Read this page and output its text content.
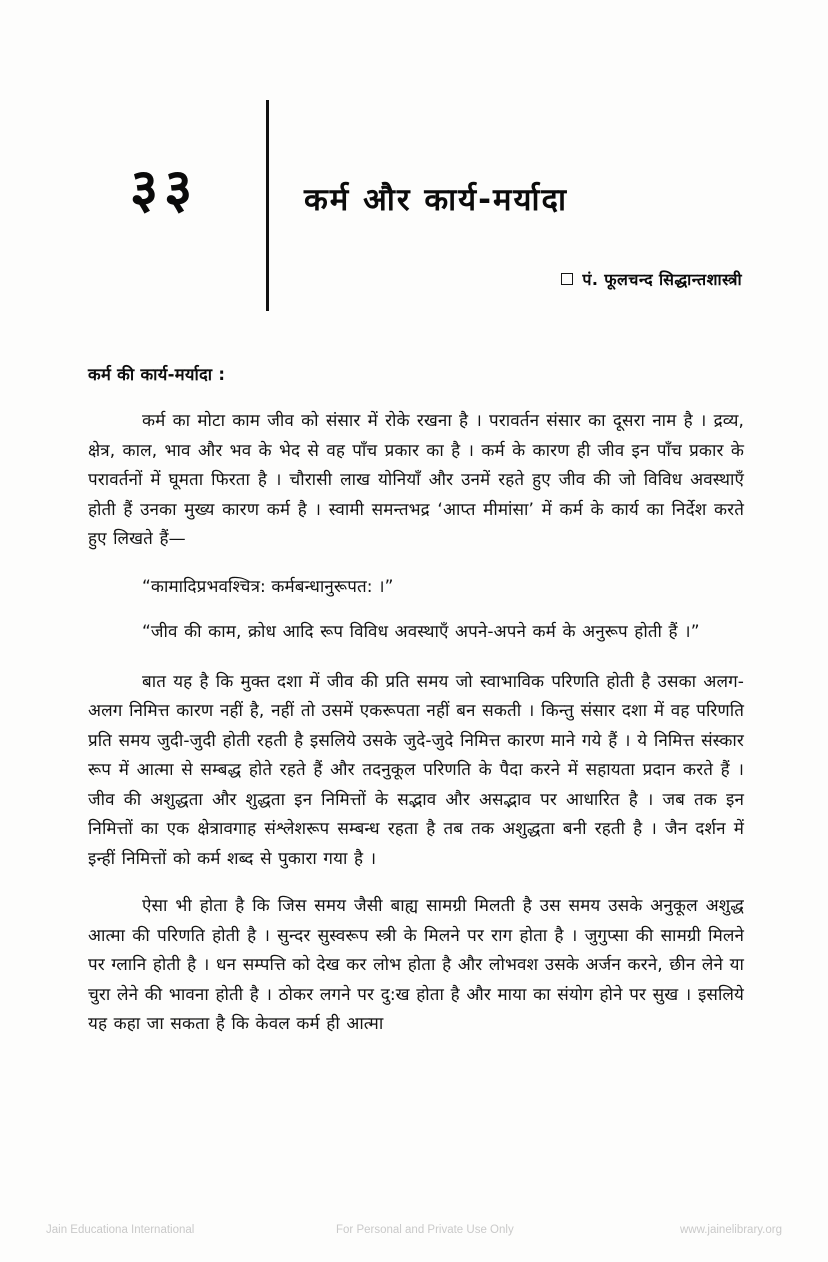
३३	कर्म और कार्य-मर्यादा
पं. फूलचन्द सिद्धान्तशास्त्री
कर्म की कार्य-मर्यादा :

कर्म का मोटा काम जीव को संसार में रोके रखना है । परावर्तन संसार का दूसरा नाम है । द्रव्य, क्षेत्र, काल, भाव और भव के भेद से वह पाँच प्रकार का है । कर्म के कारण ही जीव इन पाँच प्रकार के परावर्तनों में घूमता फिरता है । चौरासी लाख योनियाँ और उनमें रहते हुए जीव की जो विविध अवस्थाएँ होती हैं उनका मुख्य कारण कर्म है । स्वामी समन्तभद्र ‘आप्त मीमांसा’ में कर्म के कार्य का निर्देश करते हुए लिखते हैं—

“कामादिप्रभवश्चित्र: कर्मबन्धानुरूपत: ।”

“जीव की काम, क्रोध आदि रूप विविध अवस्थाएँ अपने-अपने कर्म के अनुरूप होती हैं ।”

बात यह है कि मुक्त दशा में जीव की प्रति समय जो स्वाभाविक परिणति होती है उसका अलग-अलग निमित्त कारण नहीं है, नहीं तो उसमें एकरूपता नहीं बन सकती । किन्तु संसार दशा में वह परिणति प्रति समय जुदी-जुदी होती रहती है इसलिये उसके जुदे-जुदे निमित्त कारण माने गये हैं । ये निमित्त संस्कार रूप में आत्मा से सम्बद्ध होते रहते हैं और तदनुकूल परिणति के पैदा करने में सहायता प्रदान करते हैं । जीव की अशुद्धता और शुद्धता इन निमित्तों के सद्भाव और असद्भाव पर आधारित है । जब तक इन निमित्तों का एक क्षेत्रावगाह संश्लेशरूप सम्बन्ध रहता है तब तक अशुद्धता बनी रहती है । जैन दर्शन में इन्हीं निमित्तों को कर्म शब्द से पुकारा गया है ।

ऐसा भी होता है कि जिस समय जैसी बाह्य सामग्री मिलती है उस समय उसके अनुकूल अशुद्ध आत्मा की परिणति होती है । सुन्दर सुस्वरूप स्त्री के मिलने पर राग होता है । जुगुप्सा की सामग्री मिलने पर ग्लानि होती है । धन सम्पत्ति को देख कर लोभ होता है और लोभवश उसके अर्जन करने, छीन लेने या चुरा लेने की भावना होती है । ठोकर लगने पर दु:ख होता है और माया का संयोग होने पर सुख । इसलिये यह कहा जा सकता है कि केवल कर्म ही आत्मा

Jain Educationa International	For Personal and Private Use Only	www.jainelibrary.org
